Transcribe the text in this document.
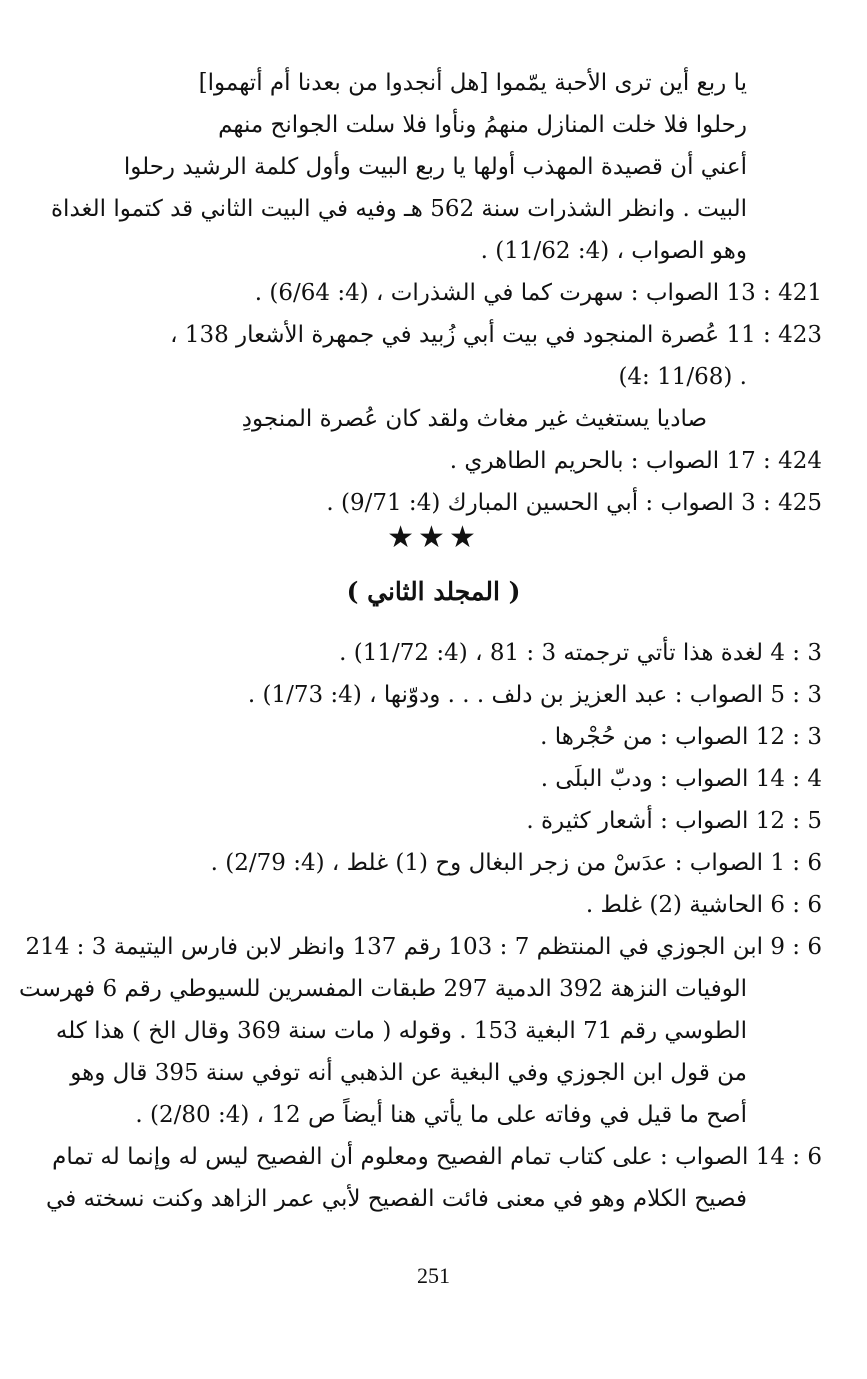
يا ربع أين ترى الأحبة يمّموا [هل أنجدوا من بعدنا أم أتهموا]
رحلوا فلا خلت المنازل منهمُ ونأوا فلا سلت الجوانح منهم
أعني أن قصيدة المهذب أولها يا ربع البيت وأول كلمة الرشيد رحلوا
البيت . وانظر الشذرات سنة 562 هـ وفيه في البيت الثاني قد كتموا الغداة
وهو الصواب ، (4: 11/62) .
421 : 13 الصواب : سهرت كما في الشذرات ، (4: 6/64) .
423 : 11 عُصرة المنجود في بيت أبي زُبيد في جمهرة الأشعار 138 ،
(4: 11/68) .
صاديا يستغيث غير مغاث ولقد كان عُصرة المنجودِ
424 : 17 الصواب : بالحريم الطاهري .
425 : 3 الصواب : أبي الحسين المبارك (4: 9/71) .
★★★
( المجلد الثاني )
3 : 4 لغدة هذا تأتي ترجمته 3 : 81 ، (4: 11/72) .
3 : 5 الصواب : عبد العزيز بن دلف . . . ودوّنها ، (4: 1/73) .
3 : 12 الصواب : من حُجْرها .
4 : 14 الصواب : ودبّ البلَى .
5 : 12 الصواب : أشعار كثيرة .
6 : 1 الصواب : عدَسْ من زجر البغال وح (1) غلط ، (4: 2/79) .
6 : 6 الحاشية (2) غلط .
6 : 9 ابن الجوزي في المنتظم 7 : 103 رقم 137 وانظر لابن فارس اليتيمة 3 : 214
الوفيات النزهة 392 الدمية 297 طبقات المفسرين للسيوطي رقم 6 فهرست
الطوسي رقم 71 البغية 153 . وقوله ( مات سنة 369 وقال الخ ) هذا كله
من قول ابن الجوزي وفي البغية عن الذهبي أنه توفي سنة 395 قال وهو
أصح ما قيل في وفاته على ما يأتي هنا أيضاً ص 12 ، (4: 2/80) .
6 : 14 الصواب : على كتاب تمام الفصيح ومعلوم أن الفصيح ليس له وإنما له تمام
فصيح الكلام وهو في معنى فائت الفصيح لأبي عمر الزاهد وكنت نسخته في
251
